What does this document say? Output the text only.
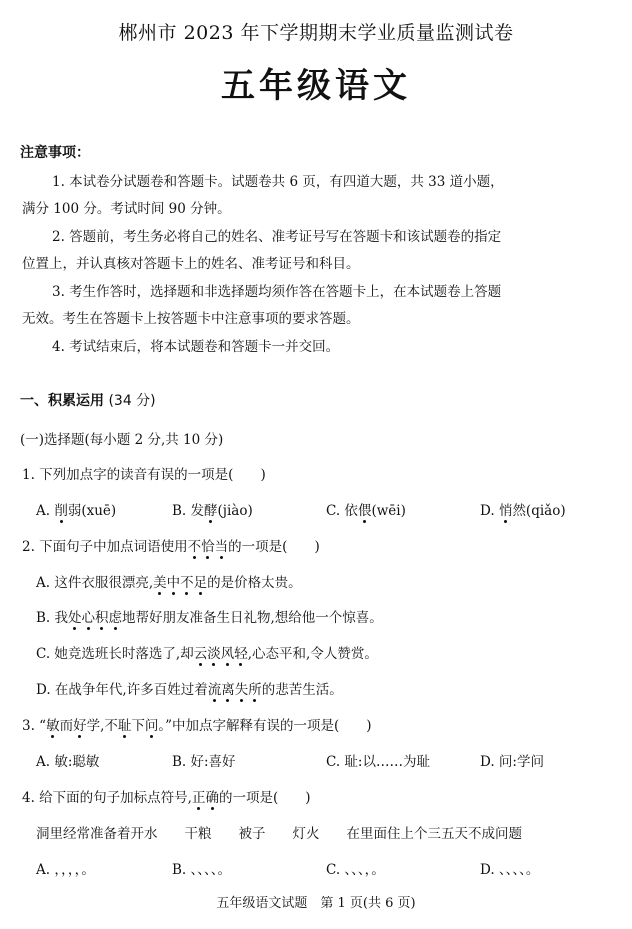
郴州市 2023 年下学期期末学业质量监测试卷
五年级语文
注意事项：
1. 本试卷分试题卷和答题卡。试题卷共 6 页，有四道大题，共 33 道小题，
满分 100 分。考试时间 90 分钟。
2. 答题前，考生务必将自己的姓名、准考证号写在答题卡和该试题卷的指定
位置上，并认真核对答题卡上的姓名、准考证号和科目。
3. 考生作答时，选择题和非选择题均须作答在答题卡上，在本试题卷上答题
无效。考生在答题卡上按答题卡中注意事项的要求答题。
4. 考试结束后，将本试题卷和答题卡一并交回。
一、积累运用 (34 分)
(一)选择题(每小题 2 分,共 10 分)
1. 下列加点字的读音有误的一项是(　　)
A. 削弱(xuē)	B. 发酵(jiào)	C. 依偎(wēi)	D. 悄然(qiǎo)
2. 下面句子中加点词语使用不恰当的一项是(　　)
A. 这件衣服很漂亮,美中不足的是价格太贵。
B. 我处心积虑地帮好朋友准备生日礼物,想给他一个惊喜。
C. 她竞选班长时落选了,却云淡风轻,心态平和,令人赞赏。
D. 在战争年代,许多百姓过着流离失所的悲苦生活。
3. “敏而好学,不耻下问。”中加点字解释有误的一项是(　　)
A. 敏:聪敏	B. 好:喜好	C. 耻:以……为耻	D. 问:学问
4. 给下面的句子加标点符号,正确的一项是(　　)
洞里经常准备着开水　　干粮　　被子　　灯火　　在里面住上个三五天不成问题
A. ，，，，。	B. 、、、、。	C. 、、、，。	D. 、、、、。
五年级语文试题　第 1 页(共 6 页)
